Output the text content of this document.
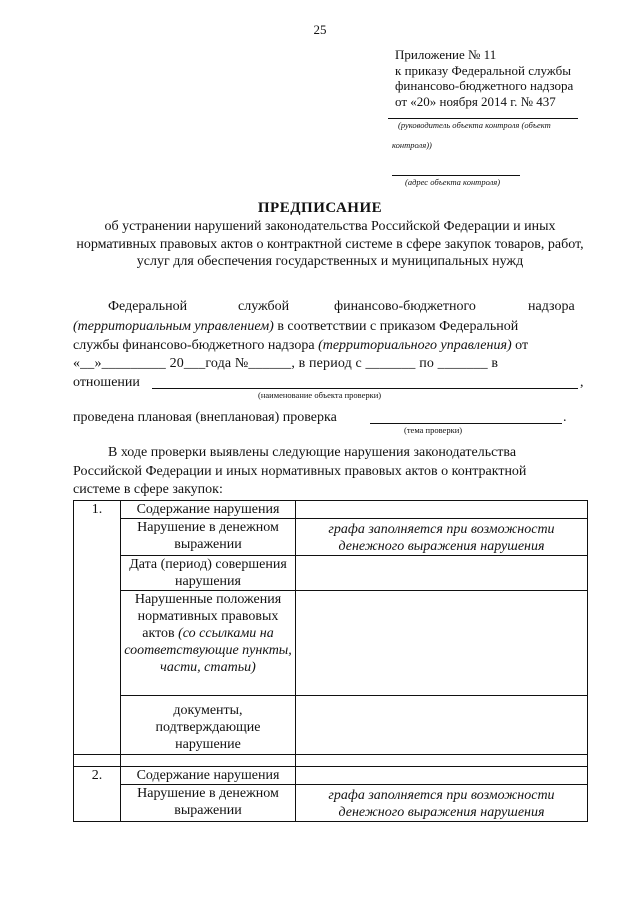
25
Приложение № 11
к приказу Федеральной службы
финансово-бюджетного надзора
от «20» ноября 2014 г. № 437
(руководитель объекта контроля (объект
контроля))
(адрес объекта контроля)
ПРЕДПИСАНИЕ
об устранении нарушений законодательства Российской Федерации и иных нормативных правовых актов о контрактной системе в сфере закупок товаров, работ, услуг для обеспечения государственных и муниципальных нужд
Федеральной	службой	финансово-бюджетного	надзора
(территориальным управлением) в соответствии с приказом Федеральной
службы финансово-бюджетного надзора (территориального управления) от
«__»_________ 20___года №______, в период с _______ по _______ в
отношении	,
(наименование объекта проверки)
проведена плановая (внеплановая) проверка	.
(тема проверки)
В ходе проверки выявлены следующие нарушения законодательства
Российской Федерации и иных нормативных правовых актов о контрактной
системе в сфере закупок:
1.	Содержание нарушения	
	Нарушение в денежном выражении	графа заполняется при возможности денежного выражения нарушения
	Дата (период) совершения нарушения	
	Нарушенные положения нормативных правовых актов (со ссылками на соответствующие пункты, части, статьи)	
	документы, подтверждающие нарушение	

2.	Содержание нарушения	
	Нарушение в денежном выражении	графа заполняется при возможности денежного выражения нарушения
